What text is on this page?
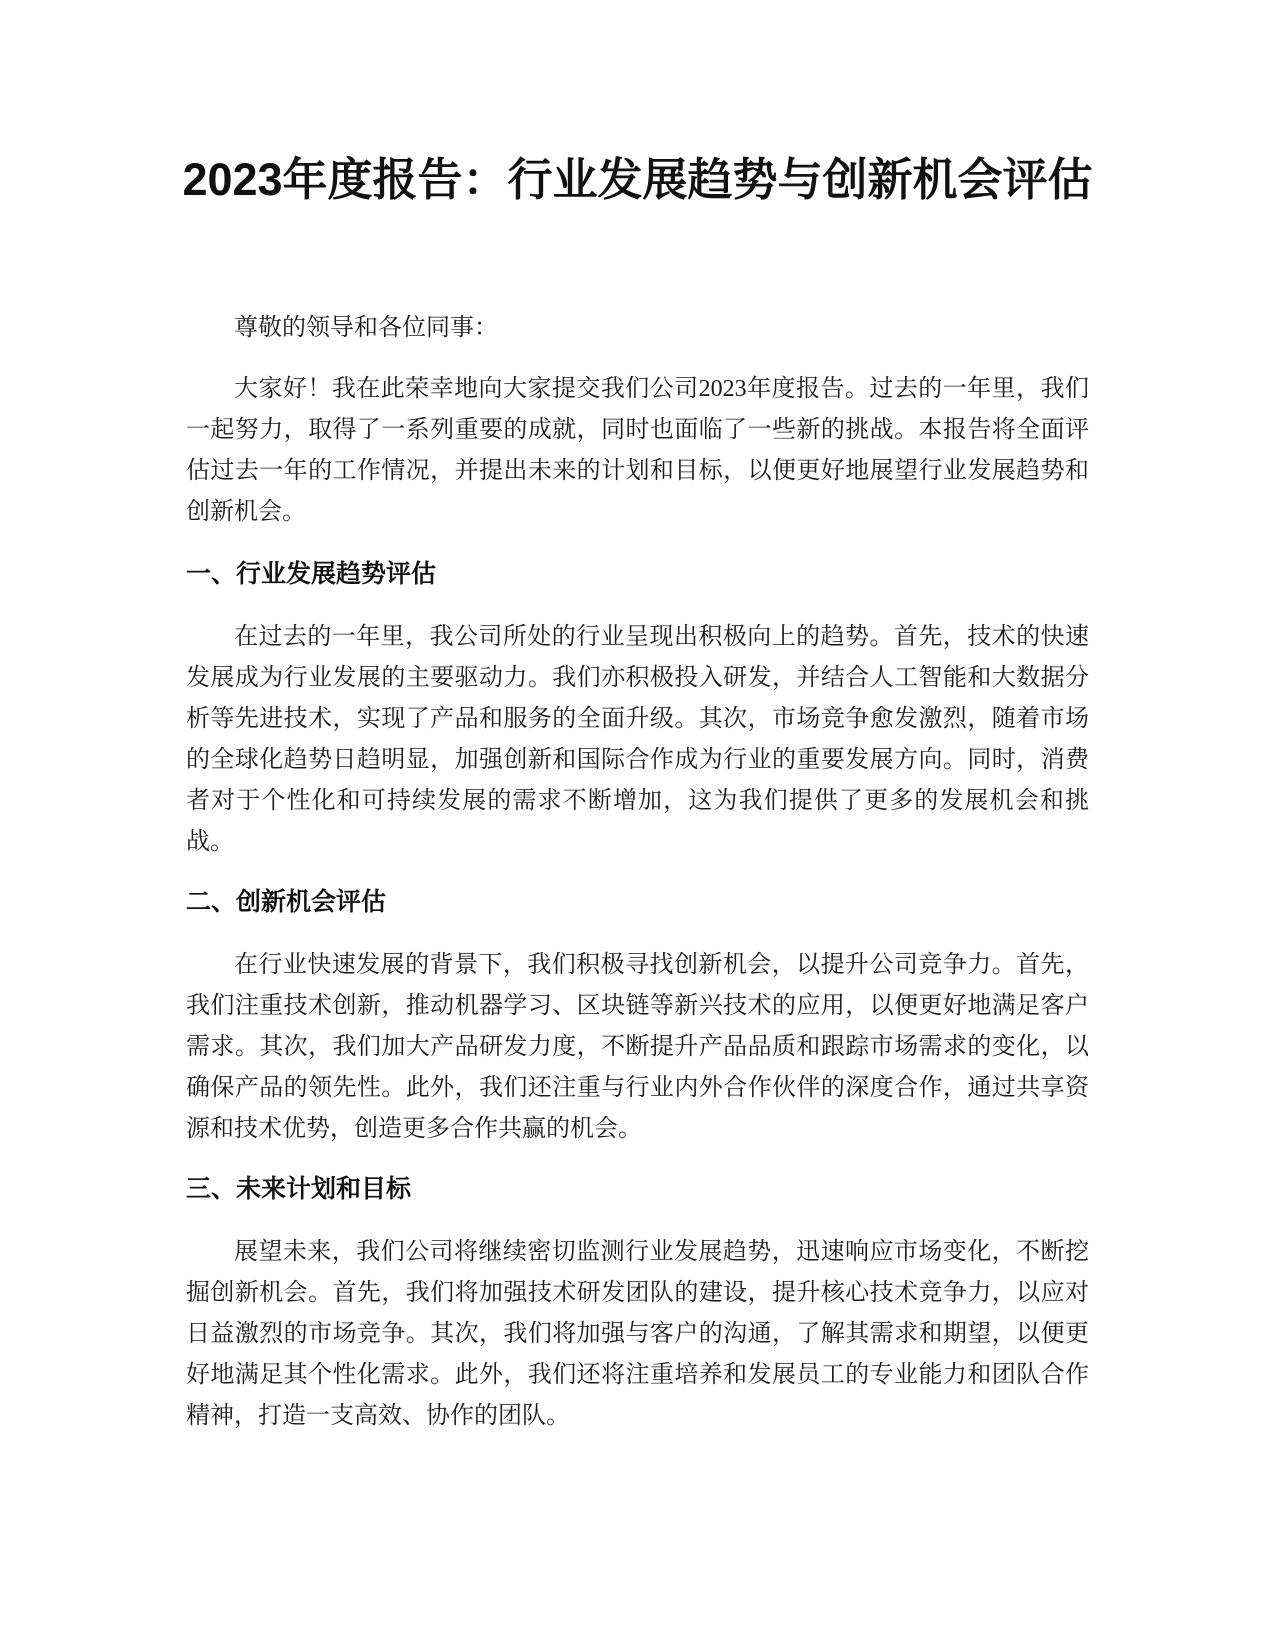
2023年度报告：行业发展趋势与创新机会评估

尊敬的领导和各位同事：

大家好！我在此荣幸地向大家提交我们公司2023年度报告。过去的一年里，我们一起努力，取得了一系列重要的成就，同时也面临了一些新的挑战。本报告将全面评估过去一年的工作情况，并提出未来的计划和目标，以便更好地展望行业发展趋势和创新机会。

一、行业发展趋势评估

在过去的一年里，我公司所处的行业呈现出积极向上的趋势。首先，技术的快速发展成为行业发展的主要驱动力。我们亦积极投入研发，并结合人工智能和大数据分析等先进技术，实现了产品和服务的全面升级。其次，市场竞争愈发激烈，随着市场的全球化趋势日趋明显，加强创新和国际合作成为行业的重要发展方向。同时，消费者对于个性化和可持续发展的需求不断增加，这为我们提供了更多的发展机会和挑战。

二、创新机会评估

在行业快速发展的背景下，我们积极寻找创新机会，以提升公司竞争力。首先，我们注重技术创新，推动机器学习、区块链等新兴技术的应用，以便更好地满足客户需求。其次，我们加大产品研发力度，不断提升产品品质和跟踪市场需求的变化，以确保产品的领先性。此外，我们还注重与行业内外合作伙伴的深度合作，通过共享资源和技术优势，创造更多合作共赢的机会。

三、未来计划和目标

展望未来，我们公司将继续密切监测行业发展趋势，迅速响应市场变化，不断挖掘创新机会。首先，我们将加强技术研发团队的建设，提升核心技术竞争力，以应对日益激烈的市场竞争。其次，我们将加强与客户的沟通，了解其需求和期望，以便更好地满足其个性化需求。此外，我们还将注重培养和发展员工的专业能力和团队合作精神，打造一支高效、协作的团队。
